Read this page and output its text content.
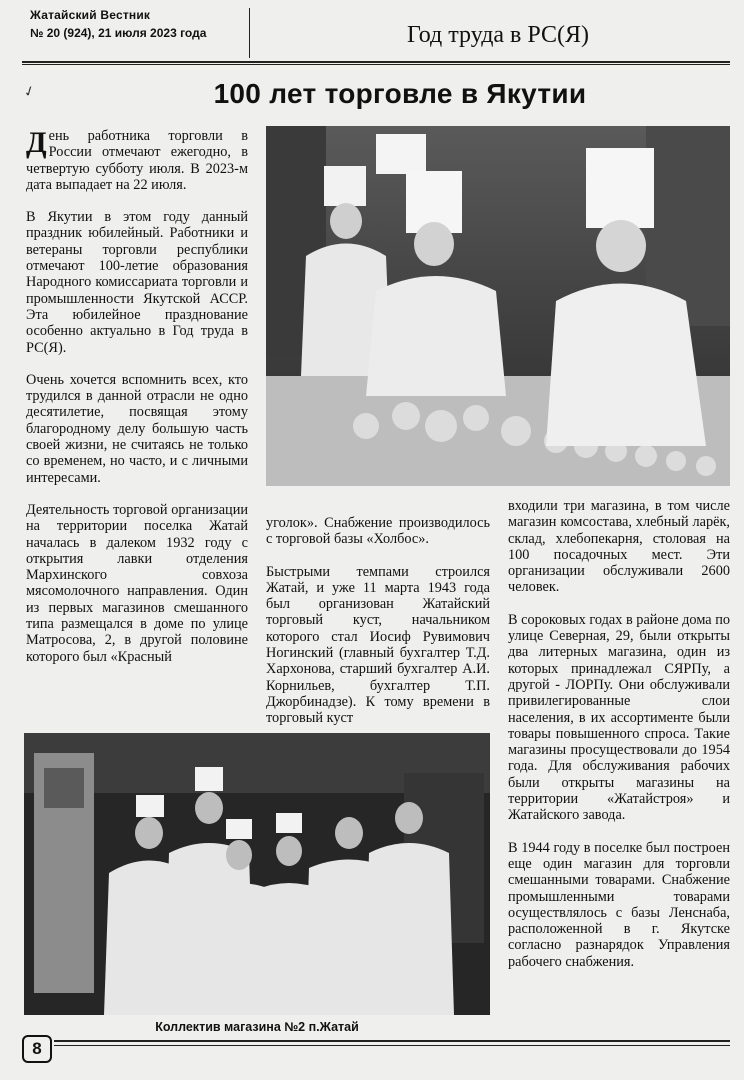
Жатайский Вестник
№ 20 (924), 21 июля 2023 года	Год труда в РС(Я)
✓	100 лет торговле в Якутии

День работника торговли в России отмечают ежегодно, в четвертую субботу июля. В 2023-м дата выпадает на 22 июля.

В Якутии в этом году данный праздник юбилейный. Работники и ветераны торговли республики отмечают 100-летие образования Народного комиссариата торговли и промышленности Якутской АССР. Эта юбилейное празднование особенно актуально в Год труда в РС(Я).

Очень хочется вспомнить всех, кто трудился в данной отрасли не одно десятилетие, посвящая этому благородному делу большую часть своей жизни, не считаясь не только со временем, но часто, и с личными интересами.

Деятельность торговой организации на территории поселка Жатай началась в далеком 1932 году с открытия лавки отделения Мархинского совхоза мясомолочного направления. Один из первых магазинов смешанного типа размещался в доме по улице Матросова, 2, в другой половине которого был «Красный

уголок». Снабжение производилось с торговой базы «Холбос».

Быстрыми темпами строился Жатай, и уже 11 марта 1943 года был организован Жатайский торговый куст, начальником которого стал Иосиф Рувимович Ногинский (главный бухгалтер Т.Д. Хархонова, старший бухгалтер А.И. Корнильев, бухгалтер Т.П. Джорбинадзе). К тому времени в торговый куст

входили три магазина, в том числе магазин комсостава, хлебный ларёк, склад, хлебопекарня, столовая на 100 посадочных мест. Эти организации обслуживали 2600 человек.

В сороковых годах в районе дома по улице Северная, 29, были открыты два литерных магазина, один из которых принадлежал СЯРПу, а другой - ЛОРПу. Они обслуживали привилегированные слои населения, в их ассортименте были товары повышенного спроса. Такие магазины просуществовали до 1954 года. Для обслуживания рабочих были открыты магазины на территории «Жатайстроя» и Жатайского завода.

В 1944 году в поселке был построен еще один магазин для торговли смешанными товарами. Снабжение промышленными товарами осуществлялось с базы Ленснаба, расположенной в г. Якутске согласно разнарядок Управления рабочего снабжения.

Коллектив магазина №2 п.Жатай
8
